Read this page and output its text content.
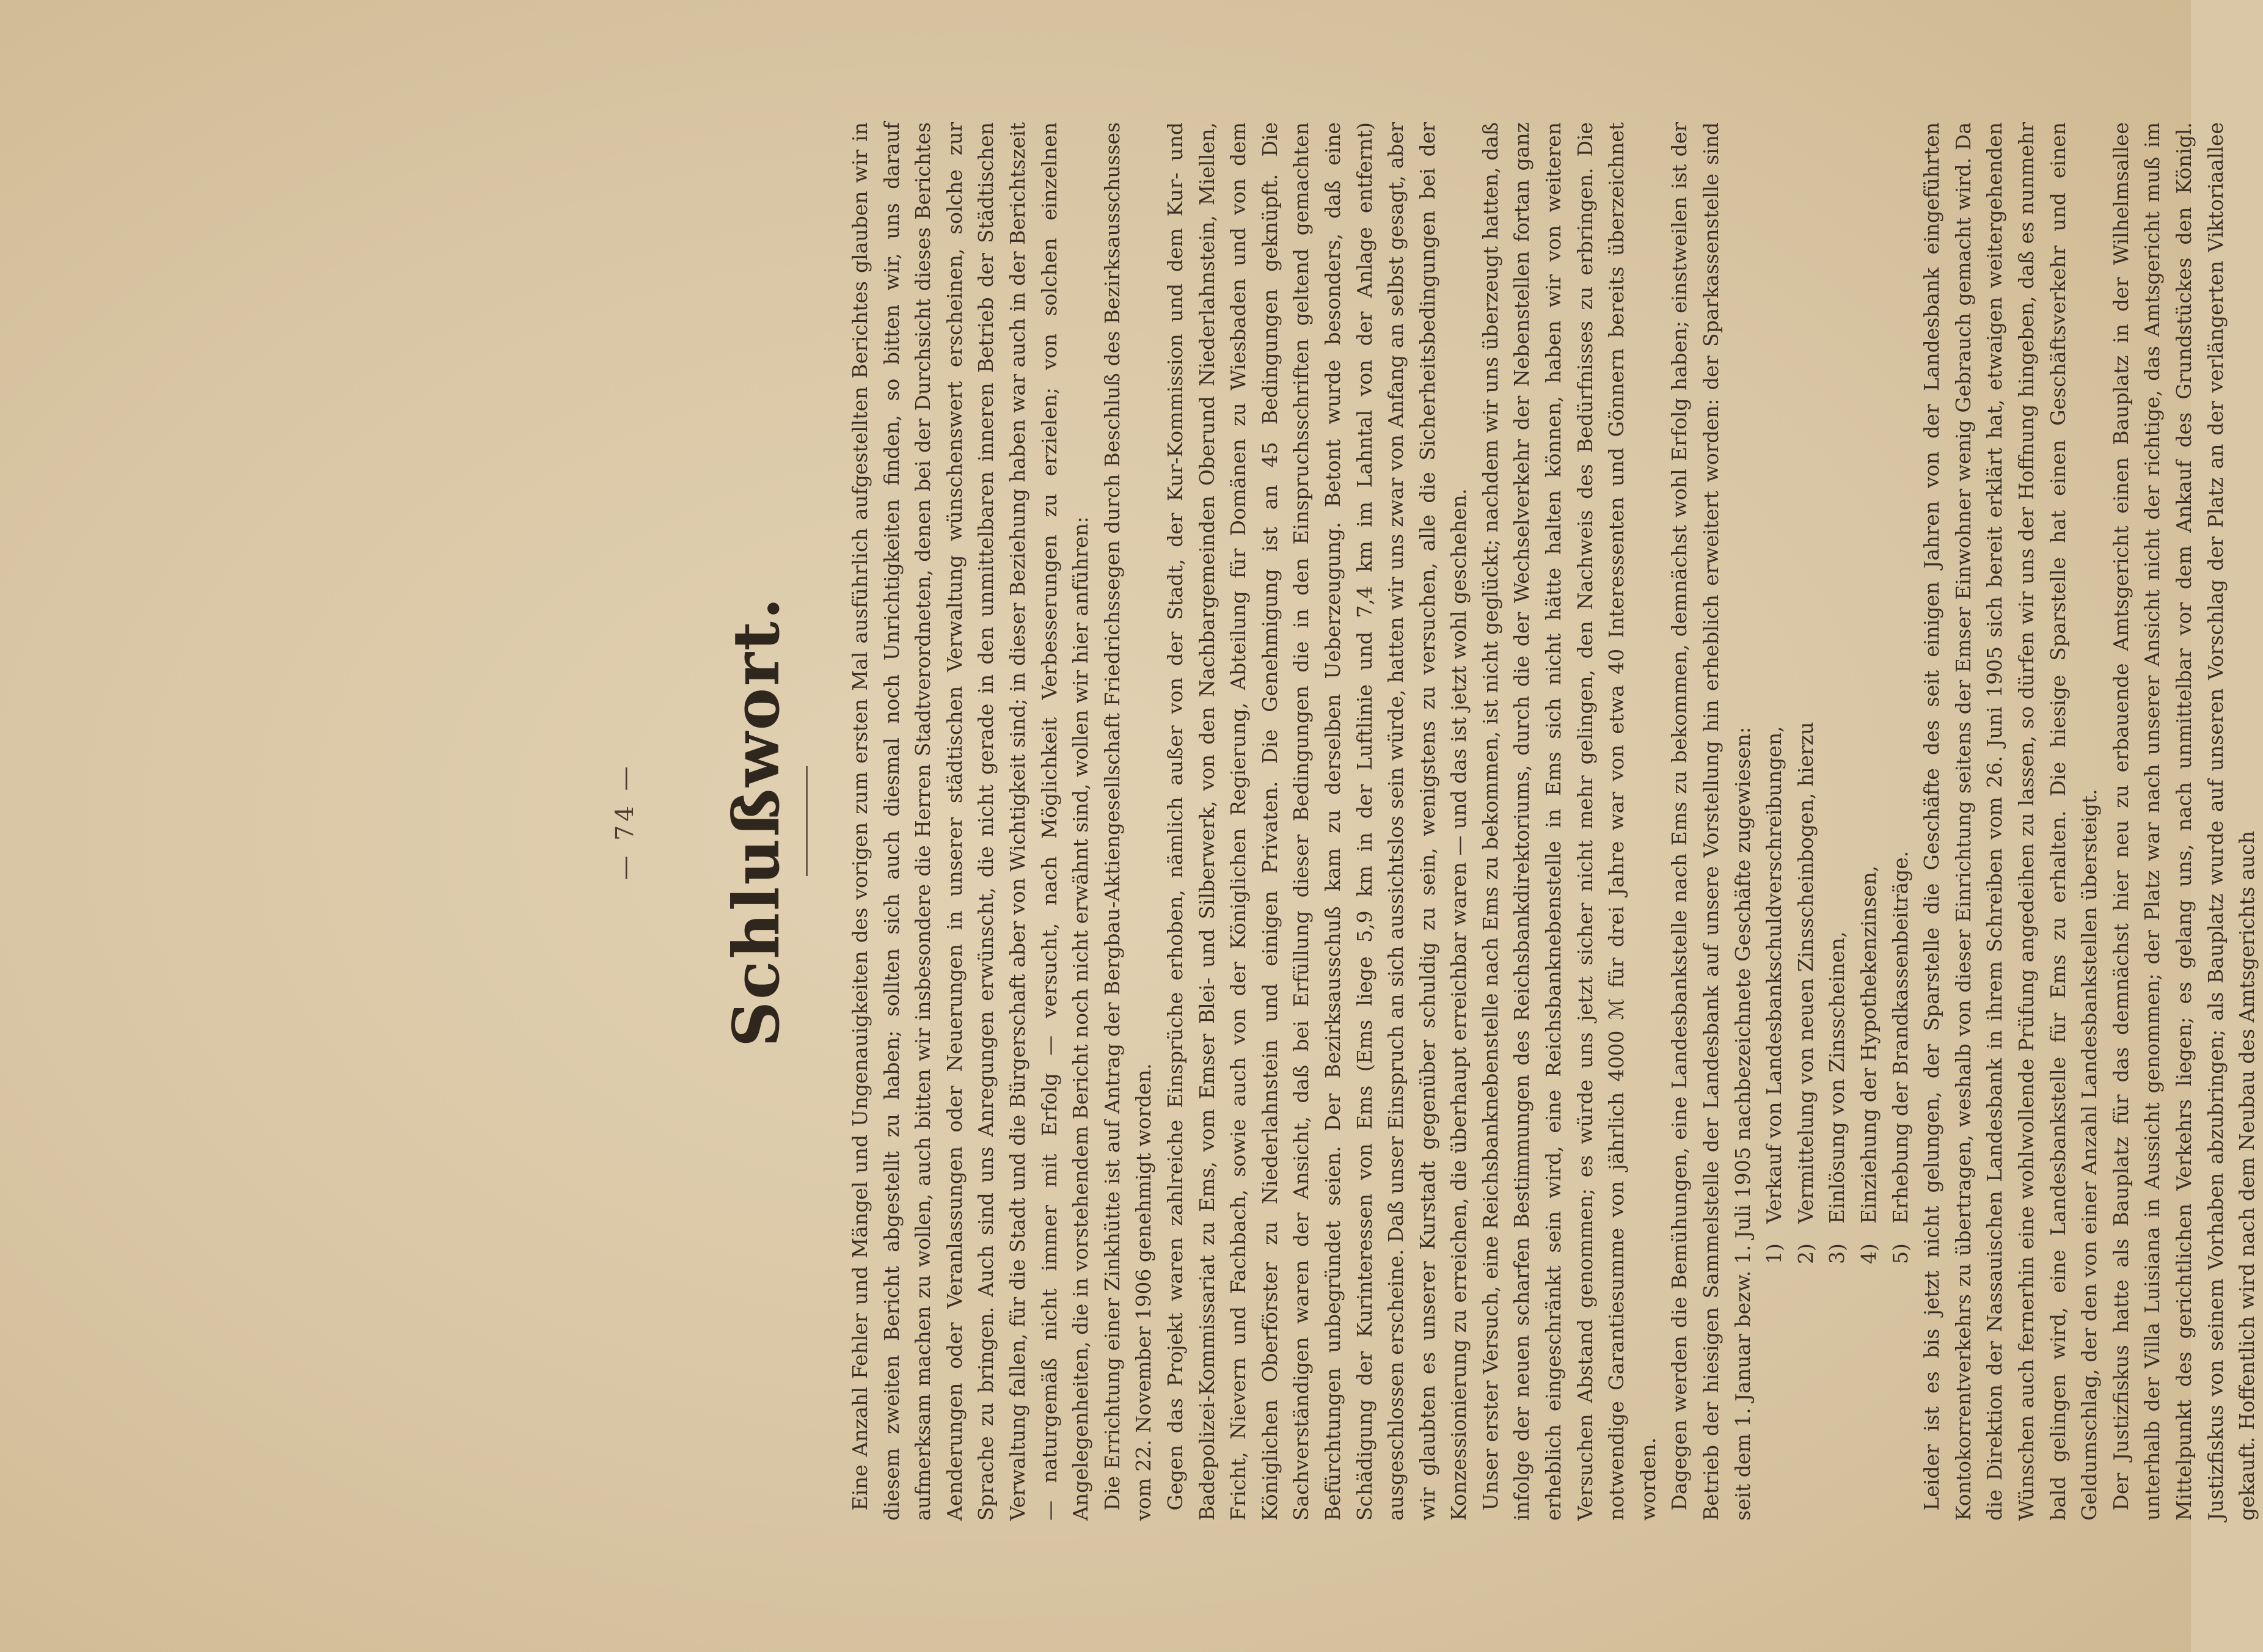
— 74 — Schlußwort.	Eine Anzahl Fehler und Mängel und Ungenauigkeiten des vorigen zum ersten Mal ausführlich aufgestellten Berichtes glauben wir in diesem zweiten Bericht abgestellt zu haben; sollten sich auch diesmal noch Unrichtigkeiten finden, so bitten wir, uns darauf aufmerksam machen zu wollen, auch bitten wir insbesondere die Herren Stadtverordneten, denen bei der Durchsicht dieses Berichtes Aenderungen oder Veranlassungen oder Neuerungen in unserer städtischen Verwaltung wünschenswert erscheinen, solche zur Sprache zu bringen. Auch sind uns Anregungen erwünscht, die nicht gerade in den unmittelbaren inneren Betrieb der Städtischen Verwaltung fallen, für die Stadt und die Bürgerschaft aber von Wichtigkeit sind; in dieser Beziehung haben war auch in der Berichtszeit — naturgemäß nicht immer mit Erfolg — versucht, nach Möglichkeit Verbesserungen zu erzielen; von solchen einzelnen Angelegenheiten, die in vorstehendem Bericht noch nicht erwähnt sind, wollen wir hier anführen: Die Errichtung einer Zinkhütte ist auf Antrag der Bergbau-Aktiengesellschaft Friedrichssegen durch Beschluß des Bezirksausschusses vom 22. November 1906 genehmigt worden. Gegen das Projekt waren zahlreiche Einsprüche erhoben, nämlich außer von der Stadt, der Kur-Kommission und dem Kur- und Badepolizei-Kommissariat zu Ems, vom Emser Blei- und Silberwerk, von den Nachbargemeinden Oberund Niederlahnstein, Miellen, Fricht, Nievern und Fachbach, sowie auch von der Königlichen Regierung, Abteilung für Domänen zu Wiesbaden und von dem Königlichen Oberförster zu Niederlahnstein und einigen Privaten. Die Genehmigung ist an 45 Bedingungen geknüpft. Die Sachverständigen waren der Ansicht, daß bei Erfüllung dieser Bedingungen die in den Einspruchsschriften geltend gemachten Befürchtungen unbegründet seien. Der Bezirksausschuß kam zu derselben Ueberzeugung. Betont wurde besonders, daß eine Schädigung der Kurinteressen von Ems (Ems liege 5,9 km in der Luftlinie und 7,4 km im Lahntal von der Anlage entfernt) ausgeschlossen erscheine. Daß unser Einspruch an sich aussichtslos sein würde, hatten wir uns zwar von Anfang an selbst gesagt, aber wir glaubten es unserer Kurstadt gegenüber schuldig zu sein, wenigstens zu versuchen, alle die Sicherheitsbedingungen bei der Konzessionierung zu erreichen, die überhaupt erreichbar waren — und das ist jetzt wohl geschehen. Unser erster Versuch, eine Reichsbanknebenstelle nach Ems zu bekommen, ist nicht geglückt; nachdem wir uns überzeugt hatten, daß infolge der neuen scharfen Bestimmungen des Reichsbankdirektoriums, durch die der Wechselverkehr der Nebenstellen fortan ganz erheblich eingeschränkt sein wird, eine Reichsbanknebenstelle in Ems sich nicht hätte halten können, haben wir von weiteren Versuchen Abstand genommen; es würde uns jetzt sicher nicht mehr gelingen, den Nachweis des Bedürfnisses zu erbringen. Die notwendige Garantiesumme von jährlich 4000 ℳ für drei Jahre war von etwa 40 Interessenten und Gönnern bereits überzeichnet worden. Dagegen werden die Bemühungen, eine Landesbankstelle nach Ems zu bekommen, demnächst wohl Erfolg haben; einstweilen ist der Betrieb der hiesigen Sammelstelle der Landesbank auf unsere Vorstellung hin erheblich erweitert worden: der Sparkassenstelle sind seit dem 1. Januar bezw. 1. Juli 1905 nachbezeichnete Geschäfte zugewiesen: 1)Verkauf von Landesbankschuldverschreibungen,
2)Vermittelung von neuen Zinsscheinbogen, hierzu
3)Einlösung von Zinsscheinen,
4)Einziehung der Hypothekenzinsen,
5)Erhebung der Brandkassenbeiträge. Leider ist es bis jetzt nicht gelungen, der Sparstelle die Geschäfte des seit einigen Jahren von der Landesbank eingeführten Kontokorrentverkehrs zu übertragen, weshalb von dieser Einrichtung seitens der Emser Einwohner wenig Gebrauch gemacht wird. Da die Direktion der Nassauischen Landesbank in ihrem Schreiben vom 26. Juni 1905 sich bereit erklärt hat, etwaigen weitergehenden Wünschen auch fernerhin eine wohlwollende Prüfung angedeihen zu lassen, so dürfen wir uns der Hoffnung hingeben, daß es nunmehr bald gelingen wird, eine Landesbankstelle für Ems zu erhalten. Die hiesige Sparstelle hat einen Geschäftsverkehr und einen Geldumschlag, der den von einer Anzahl Landesbankstellen übersteigt. Der Justizfiskus hatte als Bauplatz für das demnächst hier neu zu erbauende Amtsgericht einen Bauplatz in der Wilhelmsallee unterhalb der Villa Luisiana in Aussicht genommen; der Platz war nach unserer Ansicht nicht der richtige, das Amtsgericht muß im Mittelpunkt des gerichtlichen Verkehrs liegen; es gelang uns, nach unmittelbar vor dem Ankauf des Grundstückes den Königl. Justizfiskus von seinem Vorhaben abzubringen; als Bauplatz wurde auf unseren Vorschlag der Platz an der verlängerten Viktoriaallee gekauft. Hoffentlich wird nach dem Neubau des Amtsgerichts auch
